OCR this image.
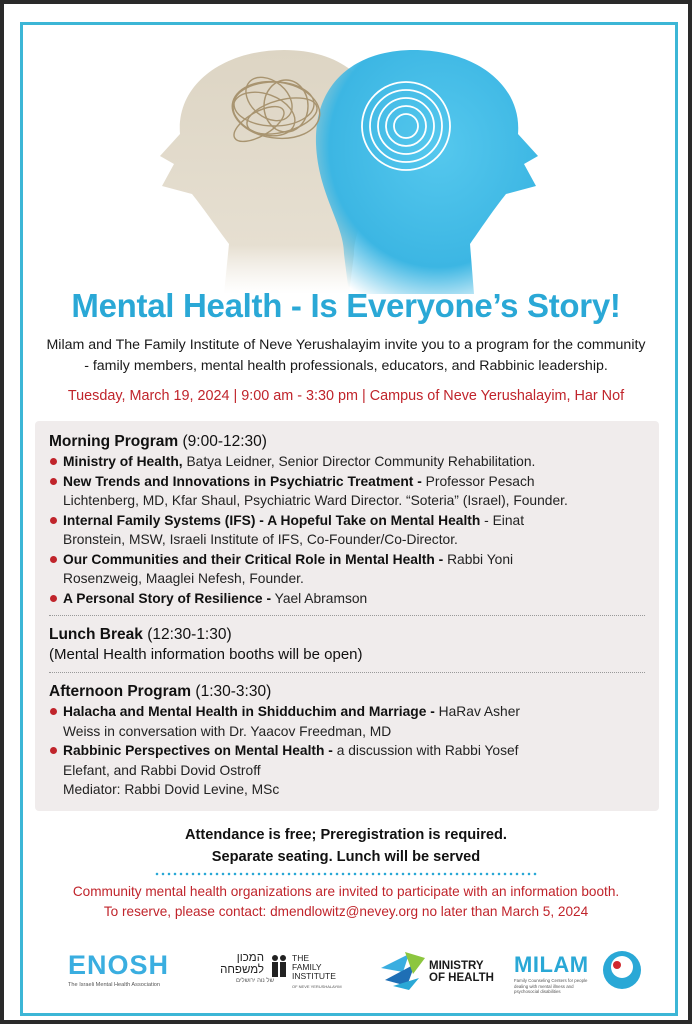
Mental Health - Is Everyone’s Story!
Milam and The Family Institute of Neve Yerushalayim invite you to a program for the community
- family members, mental health professionals, educators, and Rabbinic leadership.
Tuesday, March 19, 2024 | 9:00 am - 3:30 pm | Campus of Neve Yerushalayim, Har Nof
Morning Program (9:00-12:30)
Ministry of Health, Batya Leidner, Senior Director Community Rehabilitation.
New Trends and Innovations in Psychiatric Treatment - Professor Pesach
Lichtenberg, MD, Kfar Shaul, Psychiatric Ward Director. “Soteria” (Israel), Founder.
Internal Family Systems (IFS) - A Hopeful Take on Mental Health - Einat
Bronstein, MSW, Israeli Institute of IFS, Co-Founder/Co-Director.
Our Communities and their Critical Role in Mental Health - Rabbi Yoni
Rosenzweig, Maaglei Nefesh, Founder.
A Personal Story of Resilience - Yael Abramson
Lunch Break (12:30-1:30)
(Mental Health information booths will be open)
Afternoon Program (1:30-3:30)
Halacha and Mental Health in Shidduchim and Marriage - HaRav Asher
Weiss in conversation with Dr. Yaacov Freedman, MD
Rabbinic Perspectives on Mental Health - a discussion with Rabbi Yosef
Elefant, and Rabbi Dovid Ostroff
Mediator: Rabbi Dovid Levine, MSc
Attendance is free; Preregistration is required.
Separate seating. Lunch will be served
Community mental health organizations are invited to participate with an information booth.
To reserve, please contact: dmendlowitz@nevey.org no later than March 5, 2024
ENOSH
The Israeli Mental Health Association
המכון
למשפחה
של נוה ירושלים
THE
FAMILY
INSTITUTE
OF NEVE YERUSHALAYIM
MINISTRY
OF HEALTH
MILAM
Family Counseling Centers for people dealing with mental illness and psychosocial disabilities
